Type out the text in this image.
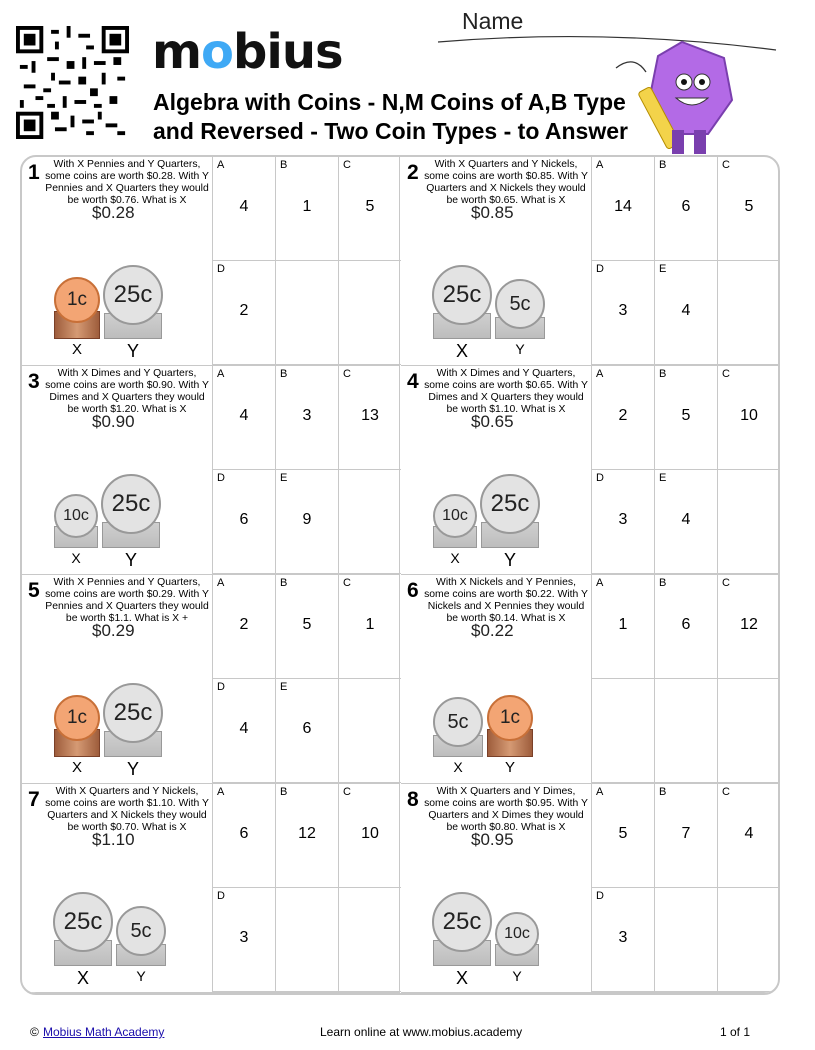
mobius
Algebra with Coins - N,M Coins of A,B Type and Reversed - Two Coin Types - to Answer
Name
1
1c
X
25c
Y
$0.28
With X Pennies and Y Quarters, some coins are worth $0.28. With Y Pennies and X Quarters they would be worth $0.76. What is X
A
4
B
1
C
5
D
2
2
25c
X
5c
Y
$0.85
With X Quarters and Y Nickels, some coins are worth $0.85. With Y Quarters and X Nickels they would be worth $0.65. What is X
A
14
B
6
C
5
D
3
E
4
3
10c
X
25c
Y
$0.90
With X Dimes and Y Quarters, some coins are worth $0.90. With Y Dimes and X Quarters they would be worth $1.20. What is X
A
4
B
3
C
13
D
6
E
9
4
10c
X
25c
Y
$0.65
With X Dimes and Y Quarters, some coins are worth $0.65. With Y Dimes and X Quarters they would be worth $1.10. What is X
A
2
B
5
C
10
D
3
E
4
5
1c
X
25c
Y
$0.29
With X Pennies and Y Quarters, some coins are worth $0.29. With Y Pennies and X Quarters they would be worth $1.1. What is X +
A
2
B
5
C
1
D
4
E
6
6
5c
X
1c
Y
$0.22
With X Nickels and Y Pennies, some coins are worth $0.22. With Y Nickels and X Pennies they would be worth $0.14. What is X
A
1
B
6
C
12
7
25c
X
5c
Y
$1.10
With X Quarters and Y Nickels, some coins are worth $1.10. With Y Quarters and X Nickels they would be worth $0.70. What is X
A
6
B
12
C
10
D
3
8
25c
X
10c
Y
$0.95
With X Quarters and Y Dimes, some coins are worth $0.95. With Y Quarters and X Dimes they would be worth $0.80. What is X
A
5
B
7
C
4
D
3
© Mobius Math Academy	Learn online at www.mobius.academy	1 of 1
